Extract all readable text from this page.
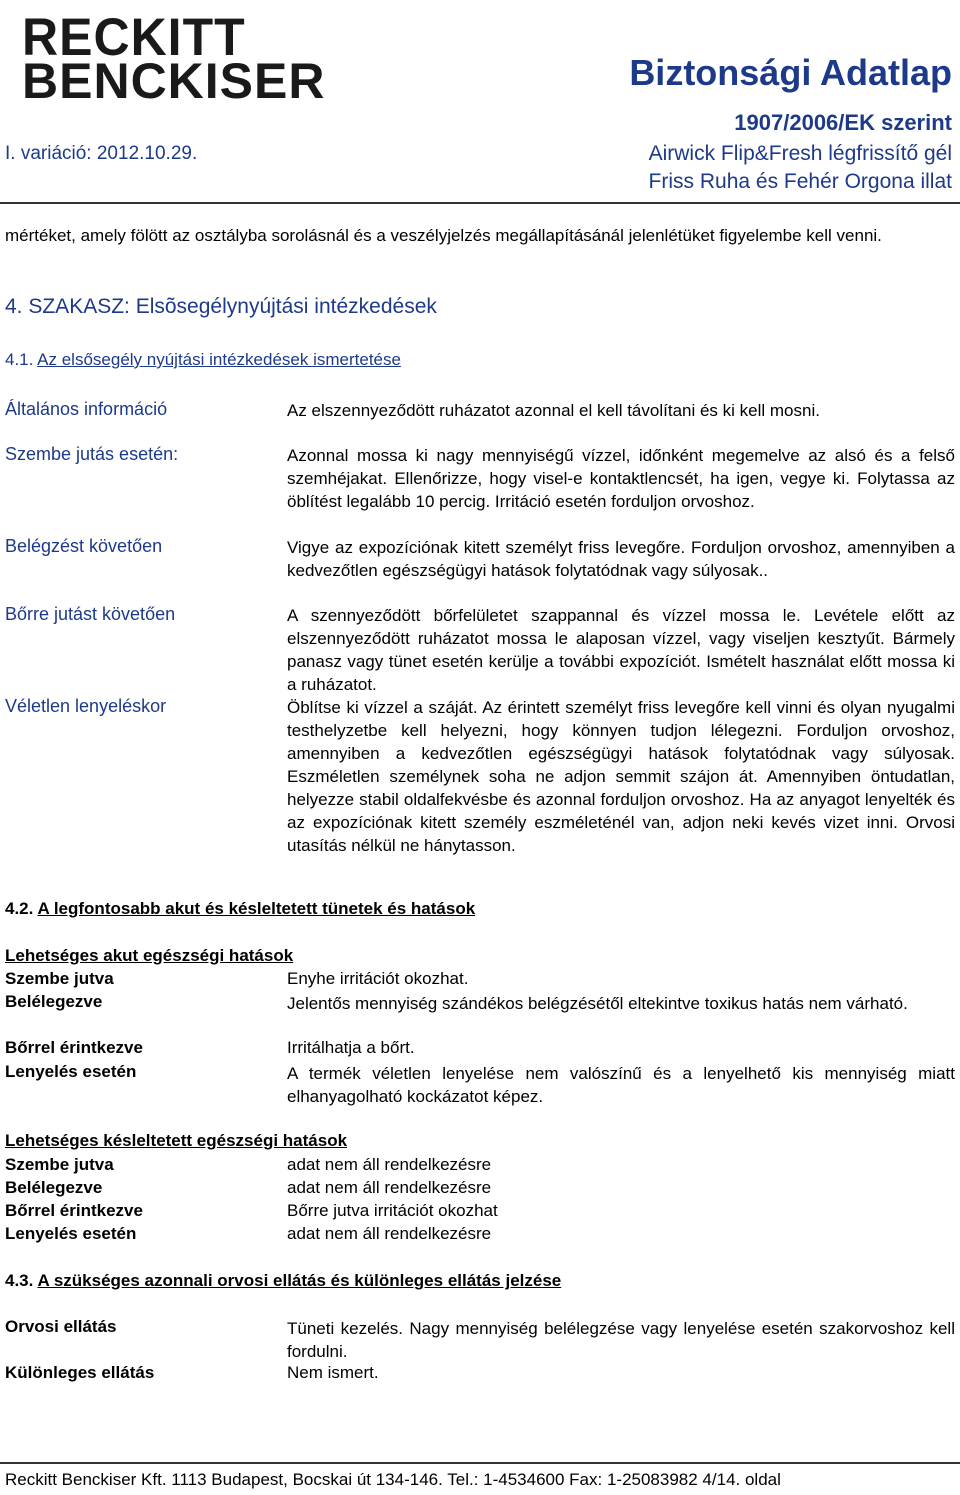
RECKITT
BENCKISER	Biztonsági Adatlap
1907/2006/EK szerint
I. variáció: 2012.10.29.	Airwick Flip&Fresh légfrissítő gél
Friss Ruha és Fehér Orgona illat
mértéket, amely fölött az osztályba sorolásnál és a veszélyjelzés megállapításánál jelenlétüket figyelembe kell venni.
4. SZAKASZ: Elsõsegélynyújtási intézkedések
4.1. Az elsősegély nyújtási intézkedések ismertetése
Általános információ	Az elszennyeződött ruházatot azonnal el kell távolítani és ki kell mosni.
Szembe jutás esetén:	Azonnal mossa ki nagy mennyiségű vízzel, időnként megemelve az alsó és a felső szemhéjakat. Ellenőrizze, hogy visel-e kontaktlencsét, ha igen, vegye ki. Folytassa az öblítést legalább 10 percig. Irritáció esetén forduljon orvoshoz.
Belégzést követően	Vigye az expozíciónak kitett személyt friss levegőre. Forduljon orvoshoz, amennyiben a kedvezőtlen egészségügyi hatások folytatódnak vagy súlyosak..
Bőrre jutást követően	A szennyeződött bőrfelületet szappannal és vízzel mossa le. Levétele előtt az elszennyeződött ruházatot mossa le alaposan vízzel, vagy viseljen kesztyűt. Bármely panasz vagy tünet esetén kerülje a további expozíciót. Ismételt használat előtt mossa ki a ruházatot.
Véletlen lenyeléskor	Öblítse ki vízzel a száját. Az érintett személyt friss levegőre kell vinni és olyan nyugalmi testhelyzetbe kell helyezni, hogy könnyen tudjon lélegezni. Forduljon orvoshoz, amennyiben a kedvezőtlen egészségügyi hatások folytatódnak vagy súlyosak. Eszméletlen személynek soha ne adjon semmit szájon át. Amennyiben öntudatlan, helyezze stabil oldalfekvésbe és azonnal forduljon orvoshoz. Ha az anyagot lenyelték és az expozíciónak kitett személy eszméleténél van, adjon neki kevés vizet inni. Orvosi utasítás nélkül ne hánytasson.
4.2. A legfontosabb akut és késleltetett tünetek és hatások
Lehetséges akut egészségi hatások
Szembe jutva	Enyhe irritációt okozhat.
Belélegezve	Jelentős mennyiség szándékos belégzésétől eltekintve toxikus hatás nem várható.
Bőrrel érintkezve	Irritálhatja a bőrt.
Lenyelés esetén	A termék véletlen lenyelése nem valószínű és a lenyelhető kis mennyiség miatt elhanyagolható kockázatot képez.
Lehetséges késleltetett egészségi hatások
Szembe jutva	adat nem áll rendelkezésre
Belélegezve	adat nem áll rendelkezésre
Bőrrel érintkezve	Bőrre jutva irritációt okozhat
Lenyelés esetén	adat nem áll rendelkezésre
4.3. A szükséges azonnali orvosi ellátás és különleges ellátás jelzése
Orvosi ellátás	Tüneti kezelés. Nagy mennyiség belélegzése vagy lenyelése esetén szakorvoshoz kell fordulni.
Különleges ellátás	Nem ismert.
Reckitt Benckiser Kft. 1113 Budapest, Bocskai út 134-146. Tel.: 1-4534600 Fax: 1-25083982 4/14. oldal
